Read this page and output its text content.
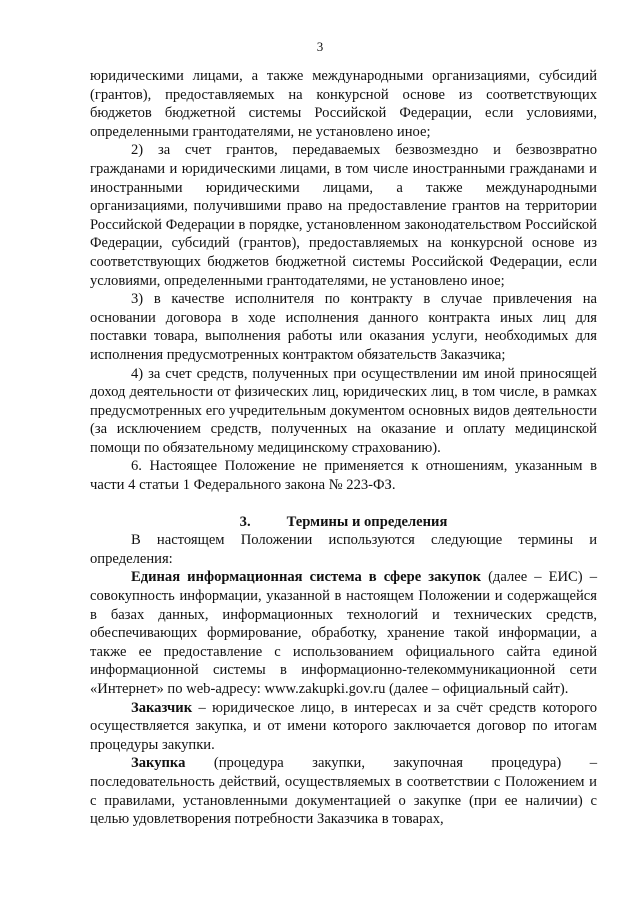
3

юридическими лицами, а также международными организациями, субсидий (грантов), предоставляемых на конкурсной основе из соответствующих бюджетов бюджетной системы Российской Федерации, если условиями, определенными грантодателями, не установлено иное;

2) за счет грантов, передаваемых безвозмездно и безвозвратно гражданами и юридическими лицами, в том числе иностранными гражданами и иностранными юридическими лицами, а также международными организациями, получившими право на предоставление грантов на территории Российской Федерации в порядке, установленном законодательством Российской Федерации, субсидий (грантов), предоставляемых на конкурсной основе из соответствующих бюджетов бюджетной системы Российской Федерации, если условиями, определенными грантодателями, не установлено иное;

3) в качестве исполнителя по контракту в случае привлечения на основании договора в ходе исполнения данного контракта иных лиц для поставки товара, выполнения работы или оказания услуги, необходимых для исполнения предусмотренных контрактом обязательств Заказчика;

4) за счет средств, полученных при осуществлении им иной приносящей доход деятельности от физических лиц, юридических лиц, в том числе, в рамках предусмотренных его учредительным документом основных видов деятельности (за исключением средств, полученных на оказание и оплату медицинской помощи по обязательному медицинскому страхованию).

6. Настоящее Положение не применяется к отношениям, указанным в части 4 статьи 1 Федерального закона № 223-ФЗ.

3. Термины и определения

В настоящем Положении используются следующие термины и определения:

Единая информационная система в сфере закупок (далее – ЕИС) – совокупность информации, указанной в настоящем Положении и содержащейся в базах данных, информационных технологий и технических средств, обеспечивающих формирование, обработку, хранение такой информации, а также ее предоставление с использованием официального сайта единой информационной системы в информационно-телекоммуникационной сети «Интернет» по web-адресу: www.zakupki.gov.ru (далее – официальный сайт).

Заказчик – юридическое лицо, в интересах и за счёт средств которого осуществляется закупка, и от имени которого заключается договор по итогам процедуры закупки.

Закупка (процедура закупки, закупочная процедура) – последовательность действий, осуществляемых в соответствии с Положением и с правилами, установленными документацией о закупке (при ее наличии) с целью удовлетворения потребности Заказчика в товарах,
